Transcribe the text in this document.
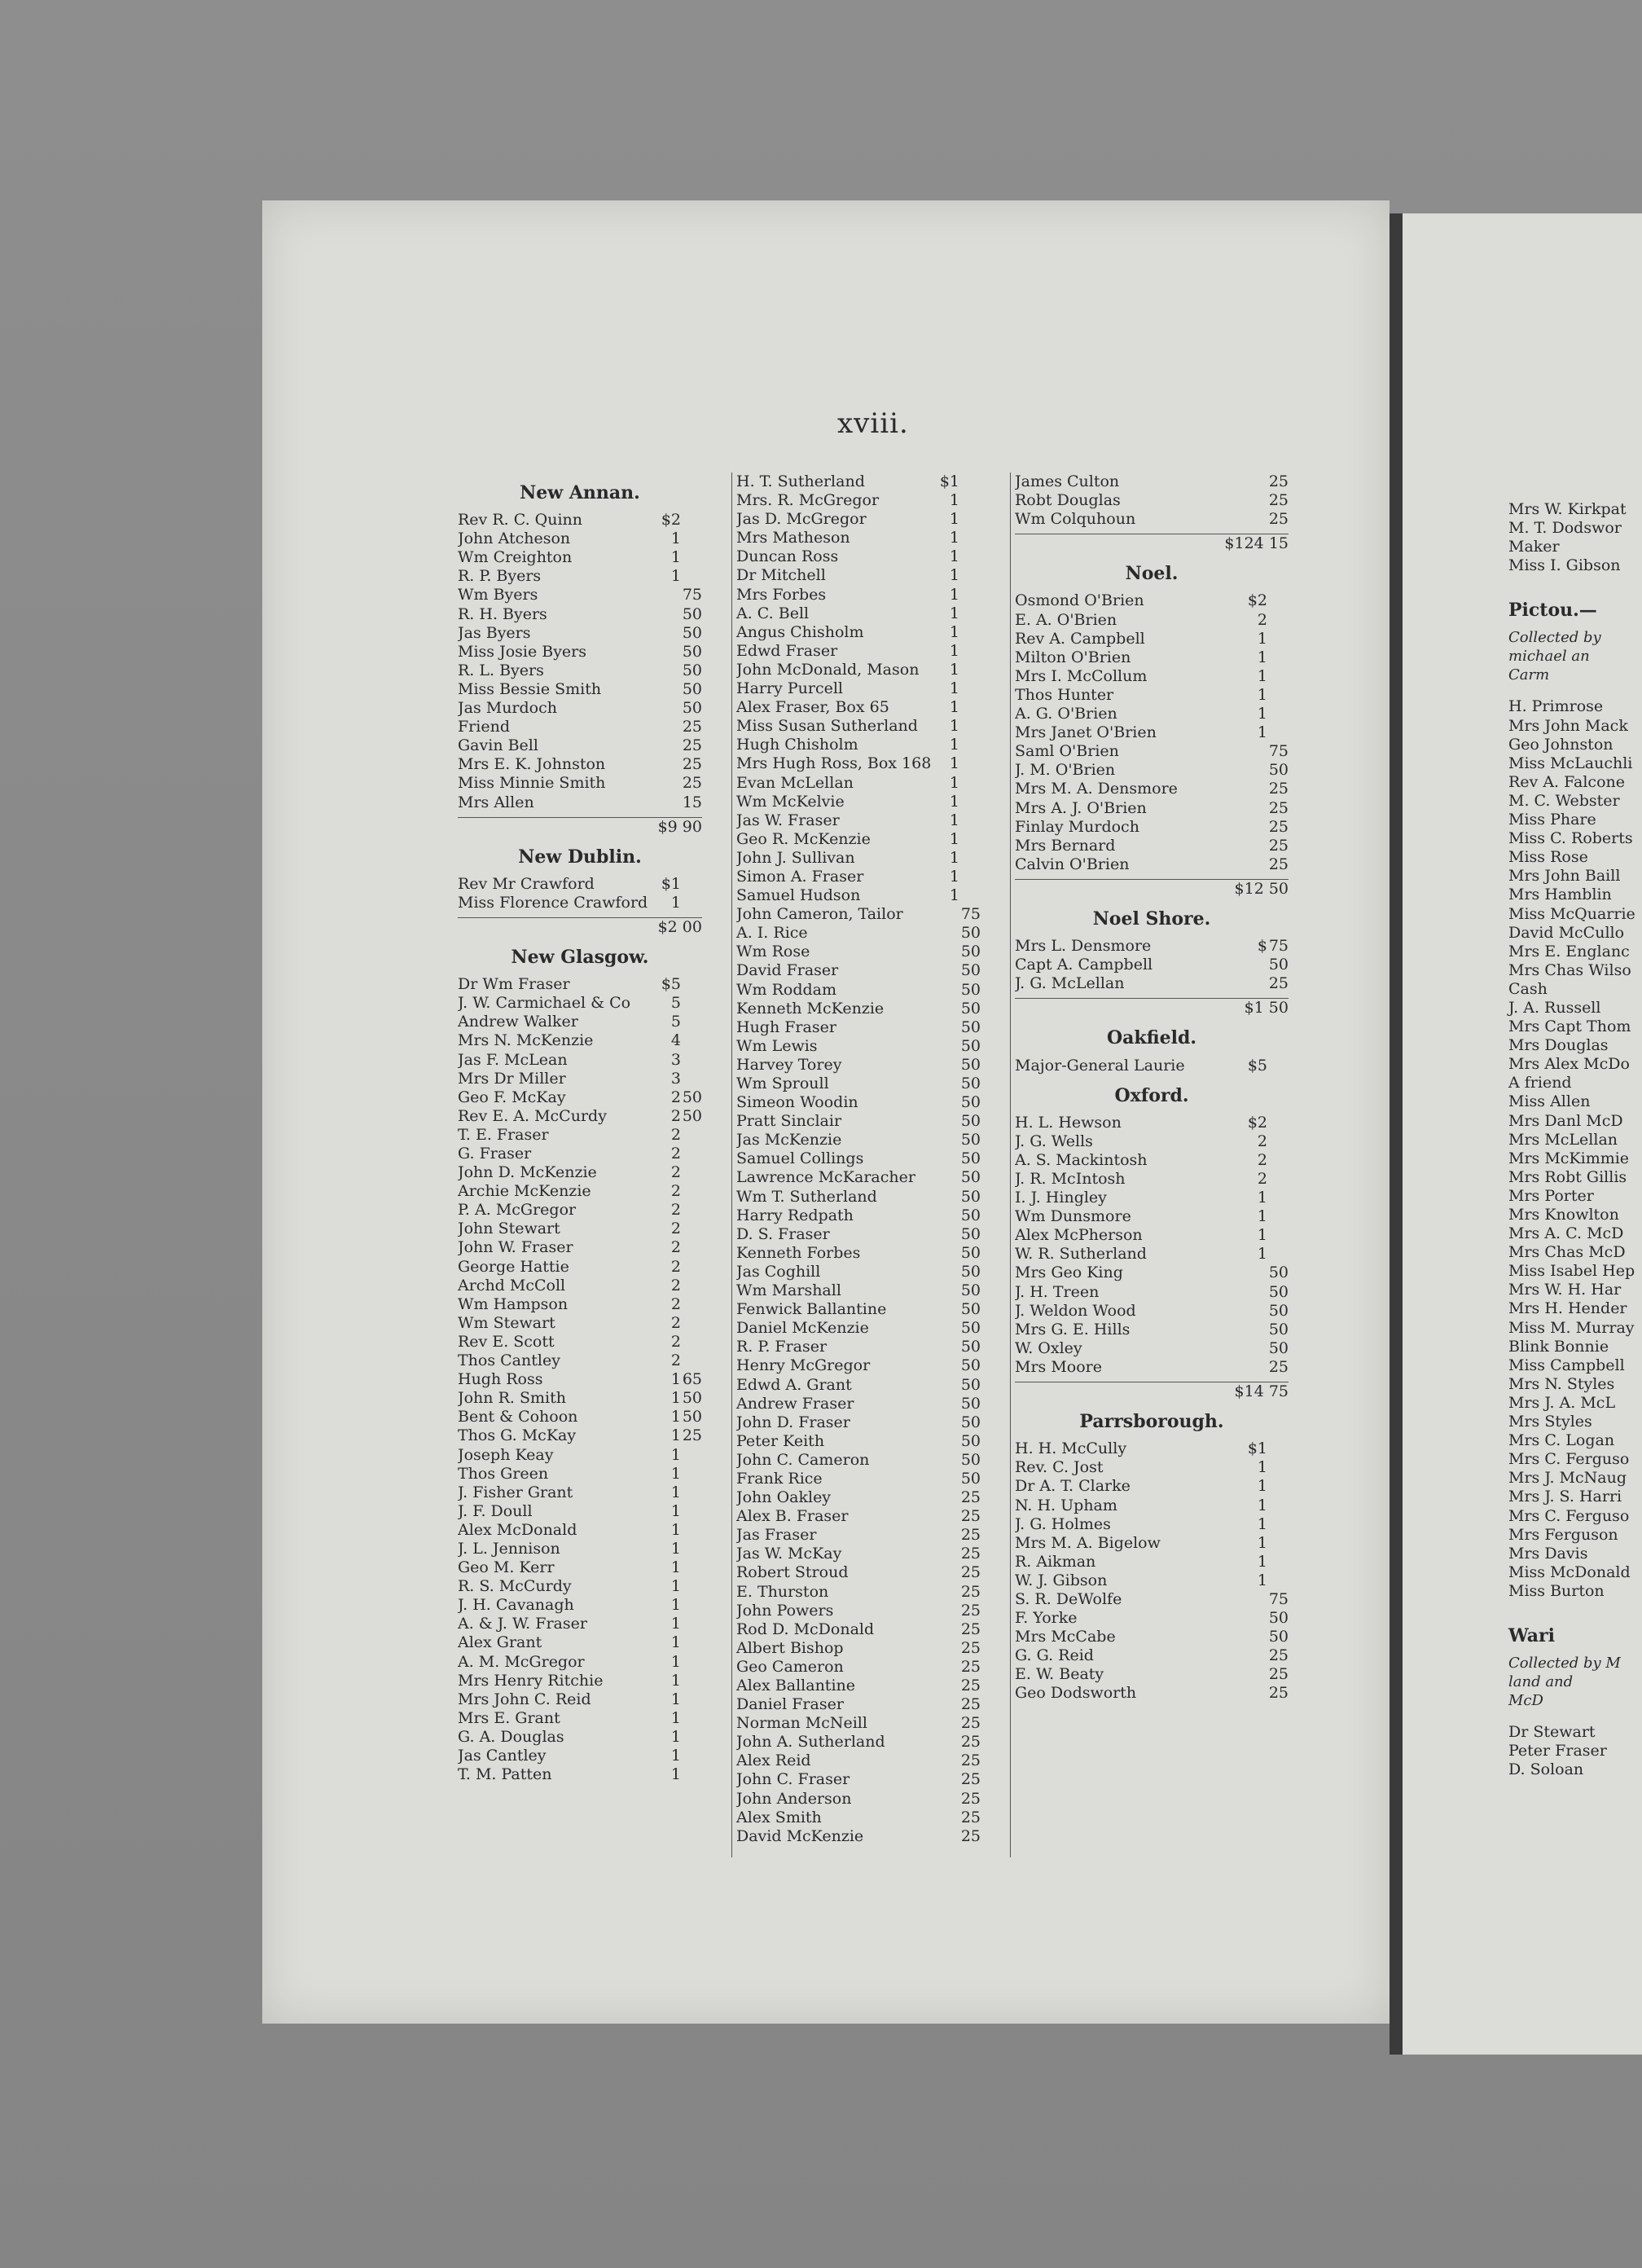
xviii.
New Annan.
Rev R. C. Quinn	$2
John Atcheson	1
Wm Creighton	1
R. P. Byers	1
Wm Byers	75
R. H. Byers	50
Jas Byers	50
Miss Josie Byers	50
R. L. Byers	50
Miss Bessie Smith	50
Jas Murdoch	50
Friend	25
Gavin Bell	25
Mrs E. K. Johnston	25
Miss Minnie Smith	25
Mrs Allen	15
$9 90
New Dublin.
Rev Mr Crawford	$1
Miss Florence Crawford	1
$2 00
New Glasgow.
Dr Wm Fraser	$5
J. W. Carmichael & Co	5
Andrew Walker	5
Mrs N. McKenzie	4
Jas F. McLean	3
Mrs Dr Miller	3
Geo F. McKay	2 50
Rev E. A. McCurdy	2 50
T. E. Fraser	2
G. Fraser	2
John D. McKenzie	2
Archie McKenzie	2
P. A. McGregor	2
John Stewart	2
John W. Fraser	2
George Hattie	2
Archd McColl	2
Wm Hampson	2
Wm Stewart	2
Rev E. Scott	2
Thos Cantley	2
Hugh Ross	1 65
John R. Smith	1 50
Bent & Cohoon	1 50
Thos G. McKay	1 25
Joseph Keay	1
Thos Green	1
J. Fisher Grant	1
J. F. Doull	1
Alex McDonald	1
J. L. Jennison	1
Geo M. Kerr	1
R. S. McCurdy	1
J. H. Cavanagh	1
A. & J. W. Fraser	1
Alex Grant	1
A. M. McGregor	1
Mrs Henry Ritchie	1
Mrs John C. Reid	1
Mrs E. Grant	1
G. A. Douglas	1
Jas Cantley	1
T. M. Patten	1
H. T. Sutherland	$1
Mrs. R. McGregor	1
Jas D. McGregor	1
Mrs Matheson	1
Duncan Ross	1
Dr Mitchell	1
Mrs Forbes	1
A. C. Bell	1
Angus Chisholm	1
Edwd Fraser	1
John McDonald, Mason	1
Harry Purcell	1
Alex Fraser, Box 65	1
Miss Susan Sutherland	1
Hugh Chisholm	1
Mrs Hugh Ross, Box 168	1
Evan McLellan	1
Wm McKelvie	1
Jas W. Fraser	1
Geo R. McKenzie	1
John J. Sullivan	1
Simon A. Fraser	1
Samuel Hudson	1
John Cameron, Tailor	75
A. I. Rice	50
Wm Rose	50
David Fraser	50
Wm Roddam	50
Kenneth McKenzie	50
Hugh Fraser	50
Wm Lewis	50
Harvey Torey	50
Wm Sproull	50
Simeon Woodin	50
Pratt Sinclair	50
Jas McKenzie	50
Samuel Collings	50
Lawrence McKaracher	50
Wm T. Sutherland	50
Harry Redpath	50
D. S. Fraser	50
Kenneth Forbes	50
Jas Coghill	50
Wm Marshall	50
Fenwick Ballantine	50
Daniel McKenzie	50
R. P. Fraser	50
Henry McGregor	50
Edwd A. Grant	50
Andrew Fraser	50
John D. Fraser	50
Peter Keith	50
John C. Cameron	50
Frank Rice	50
John Oakley	25
Alex B. Fraser	25
Jas Fraser	25
Jas W. McKay	25
Robert Stroud	25
E. Thurston	25
John Powers	25
Rod D. McDonald	25
Albert Bishop	25
Geo Cameron	25
Alex Ballantine	25
Daniel Fraser	25
Norman McNeill	25
John A. Sutherland	25
Alex Reid	25
John C. Fraser	25
John Anderson	25
Alex Smith	25
David McKenzie	25
James Culton	25
Robt Douglas	25
Wm Colquhoun	25
$124 15
Noel.
Osmond O'Brien	$2
E. A. O'Brien	2
Rev A. Campbell	1
Milton O'Brien	1
Mrs I. McCollum	1
Thos Hunter	1
A. G. O'Brien	1
Mrs Janet O'Brien	1
Saml O'Brien	75
J. M. O'Brien	50
Mrs M. A. Densmore	25
Mrs A. J. O'Brien	25
Finlay Murdoch	25
Mrs Bernard	25
Calvin O'Brien	25
$12 50
Noel Shore.
Mrs L. Densmore	$ 75
Capt A. Campbell	50
J. G. McLellan	25
$1 50
Oakfield.
Major-General Laurie	$5
Oxford.
H. L. Hewson	$2
J. G. Wells	2
A. S. Mackintosh	2
J. R. McIntosh	2
I. J. Hingley	1
Wm Dunsmore	1
Alex McPherson	1
W. R. Sutherland	1
Mrs Geo King	50
J. H. Treen	50
J. Weldon Wood	50
Mrs G. E. Hills	50
W. Oxley	50
Mrs Moore	25
$14 75
Parrsborough.
H. H. McCully	$1
Rev. C. Jost	1
Dr A. T. Clarke	1
N. H. Upham	1
J. G. Holmes	1
Mrs M. A. Bigelow	1
R. Aikman	1
W. J. Gibson	1
S. R. DeWolfe	75
F. Yorke	50
Mrs McCabe	50
G. G. Reid	25
E. W. Beaty	25
Geo Dodsworth	25
Mrs W. Kirkpat
M. T. Dodswor
Maker
Miss I. Gibson
Pictou.—
Collected by
michael an
Carm
H. Primrose
Mrs John Mack
Geo Johnston
Miss McLauchli
Rev A. Falcone
M. C. Webster
Miss Phare
Miss C. Roberts
Miss Rose
Mrs John Baill
Mrs Hamblin
Miss McQuarrie
David McCullo
Mrs E. Englanc
Mrs Chas Wilso
Cash
J. A. Russell
Mrs Capt Thom
Mrs Douglas
Mrs Alex McDo
A friend
Miss Allen
Mrs Danl McD
Mrs McLellan
Mrs McKimmie
Mrs Robt Gillis
Mrs Porter
Mrs Knowlton
Mrs A. C. McD
Mrs Chas McD
Miss Isabel Hep
Mrs W. H. Har
Mrs H. Hender
Miss M. Murray
Blink Bonnie
Miss Campbell
Mrs N. Styles
Mrs J. A. McL
Mrs Styles
Mrs C. Logan
Mrs C. Ferguso
Mrs J. McNaug
Mrs J. S. Harri
Mrs C. Ferguso
Mrs Ferguson
Mrs Davis
Miss McDonald
Miss Burton
Wari
Collected by M
land and
McD
Dr Stewart
Peter Fraser
D. Soloan
